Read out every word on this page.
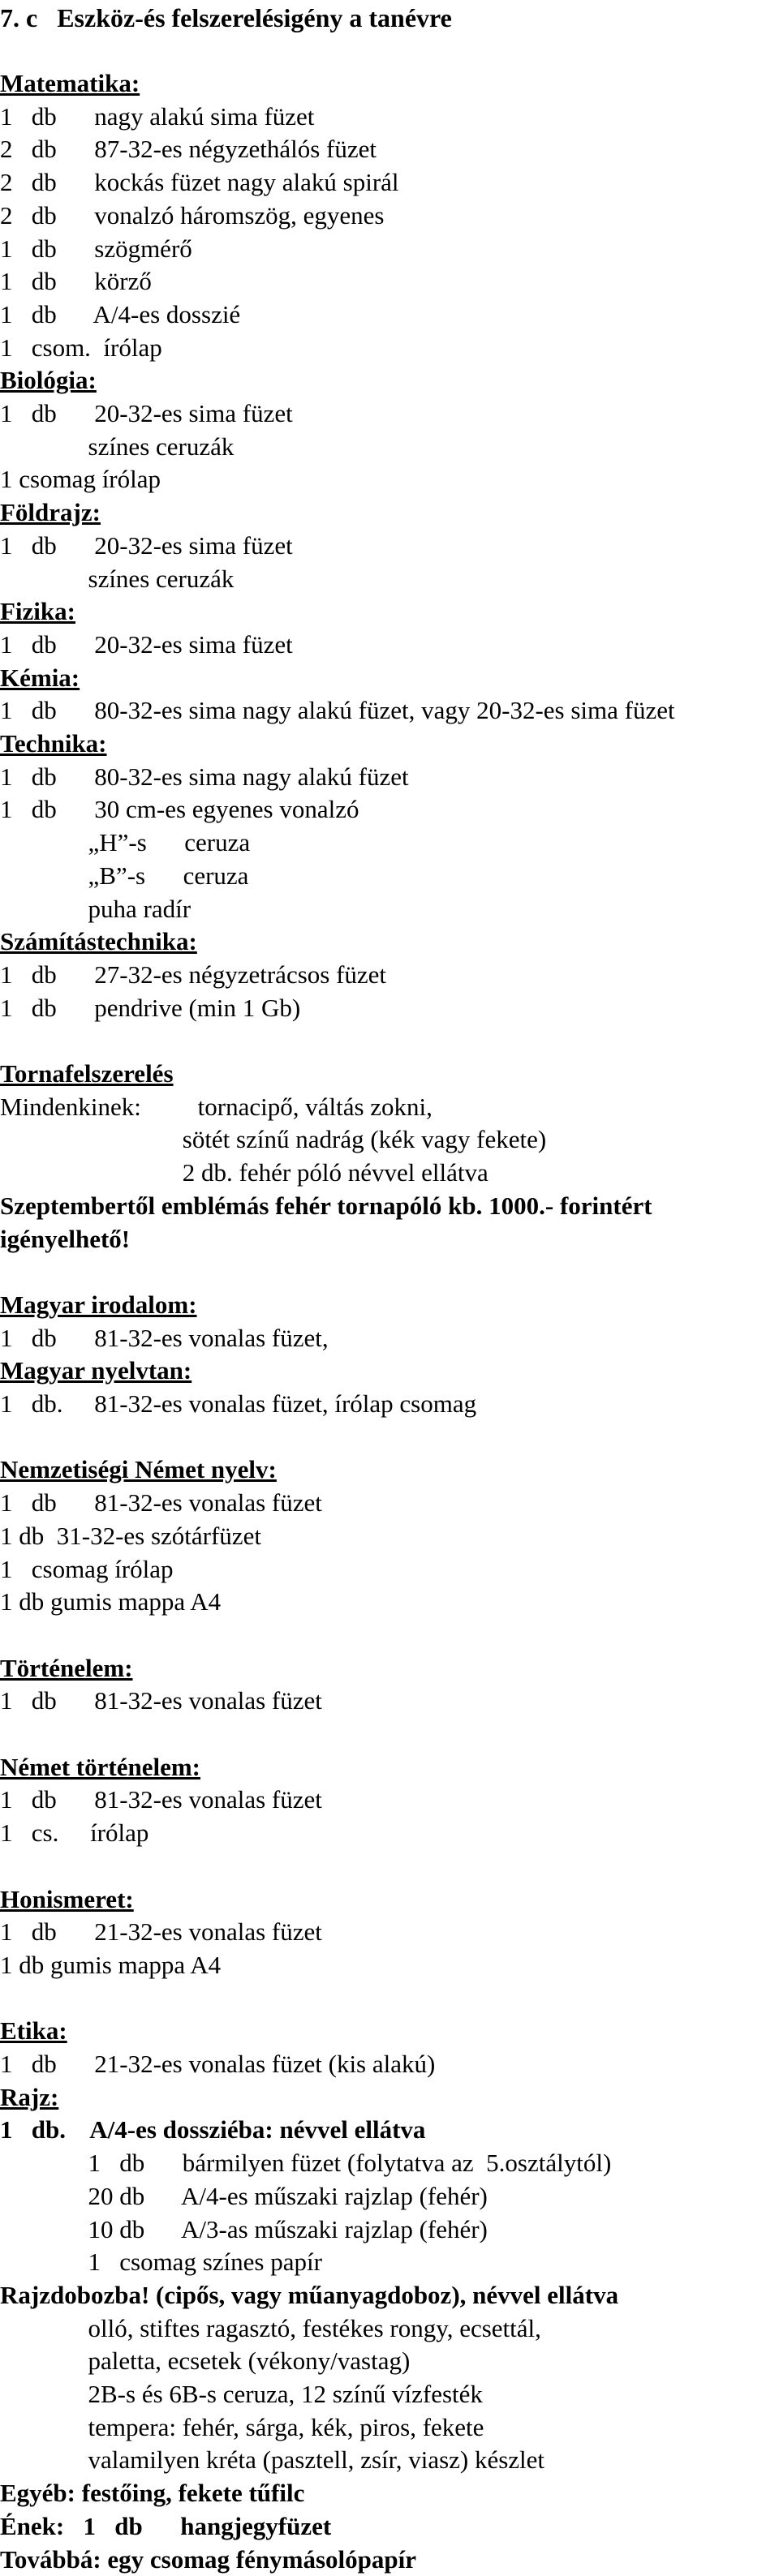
7. c   Eszköz-és felszerelésigény a tanévre
Matematika:
1   db      nagy alakú sima füzet
2   db      87-32-es négyzethálós füzet
2   db      kockás füzet nagy alakú spirál
2   db      vonalzó háromszög, egyenes
1   db      szögmérő
1   db      körző
1   db      A/4-es dosszié
1   csom.  írólap
Biológia:
1   db      20-32-es sima füzet
színes ceruzák
1 csomag írólap
Földrajz:
1   db      20-32-es sima füzet
színes ceruzák
Fizika:
1   db      20-32-es sima füzet
Kémia:
1   db      80-32-es sima nagy alakú füzet, vagy 20-32-es sima füzet
Technika:
1   db      80-32-es sima nagy alakú füzet
1   db      30 cm-es egyenes vonalzó
„H”-s      ceruza
„B”-s      ceruza
puha radír
Számítástechnika:
1   db      27-32-es négyzetrácsos füzet
1   db      pendrive (min 1 Gb)
Tornafelszerelés
Mindenkinek:         tornacipő, váltás zokni,
sötét színű nadrág (kék vagy fekete)
2 db. fehér póló névvel ellátva
Szeptembertől emblémás fehér tornapóló kb. 1000.- forintért
igényelhető!
Magyar irodalom:
1   db      81-32-es vonalas füzet,
Magyar nyelvtan:
1   db.     81-32-es vonalas füzet, írólap csomag
Nemzetiségi Német nyelv:
1   db      81-32-es vonalas füzet
1 db  31-32-es szótárfüzet
1   csomag írólap
1 db gumis mappa A4
Történelem:
1   db      81-32-es vonalas füzet
Német történelem:
1   db      81-32-es vonalas füzet
1   cs.     írólap
Honismeret:
1   db      21-32-es vonalas füzet
1 db gumis mappa A4
Etika:
1   db      21-32-es vonalas füzet (kis alakú)
Rajz:
1   db.    A/4-es dossziéba: névvel ellátva
1   db      bármilyen füzet (folytatva az  5.osztálytól)
20 db      A/4-es műszaki rajzlap (fehér)
10 db      A/3-as műszaki rajzlap (fehér)
1   csomag színes papír
Rajzdobozba! (cipős, vagy műanyagdoboz), névvel ellátva
olló, stiftes ragasztó, festékes rongy, ecsettál,
paletta, ecsetek (vékony/vastag)
2B-s és 6B-s ceruza, 12 színű vízfesték
tempera: fehér, sárga, kék, piros, fekete
valamilyen kréta (pasztell, zsír, viasz) készlet
Egyéb: festőing, fekete tűfilc
Ének:   1   db      hangjegyfüzet
Továbbá: egy csomag fénymásolópapír
